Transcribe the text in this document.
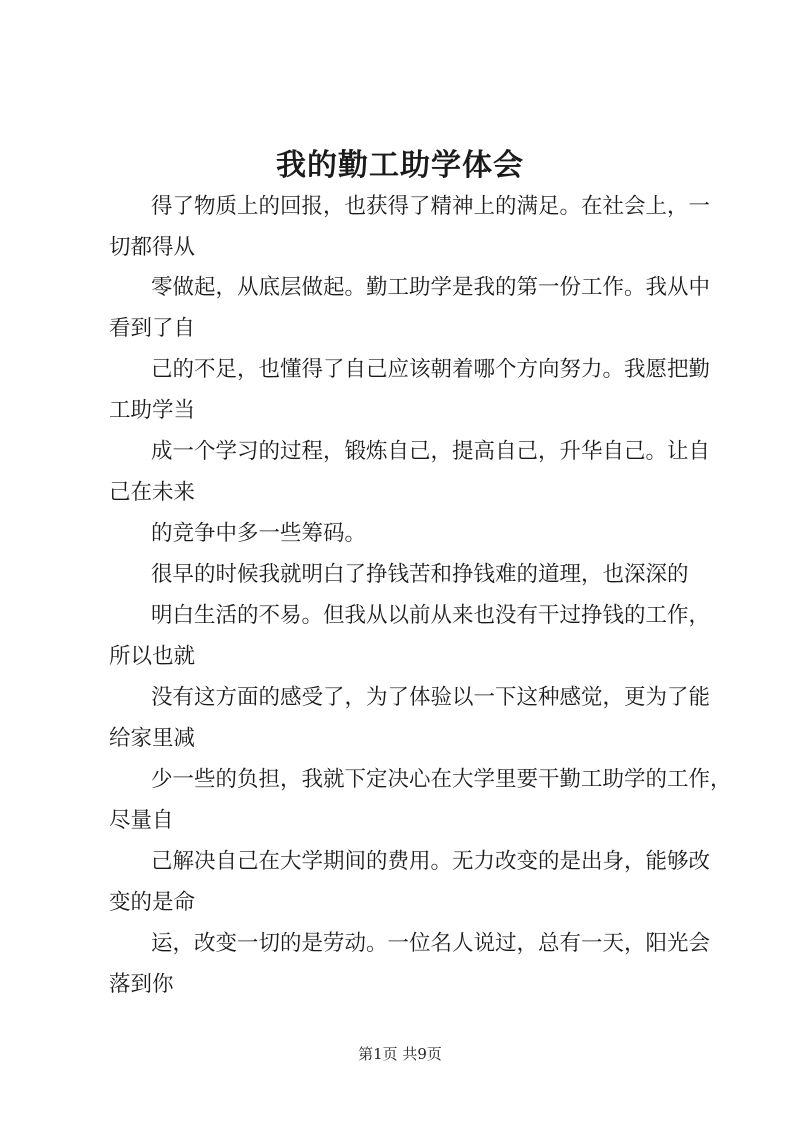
我的勤工助学体会
得了物质上的回报，也获得了精神上的满足。在社会上，一
切都得从
零做起，从底层做起。勤工助学是我的第一份工作。我从中
看到了自
己的不足，也懂得了自己应该朝着哪个方向努力。我愿把勤
工助学当
成一个学习的过程，锻炼自己，提高自己，升华自己。让自
己在未来
的竞争中多一些筹码。
很早的时候我就明白了挣钱苦和挣钱难的道理，也深深的
明白生活的不易。但我从以前从来也没有干过挣钱的工作，
所以也就
没有这方面的感受了，为了体验以一下这种感觉，更为了能
给家里减
少一些的负担，我就下定决心在大学里要干勤工助学的工作，
尽量自
己解决自己在大学期间的费用。无力改变的是出身，能够改
变的是命
运，改变一切的是劳动。一位名人说过，总有一天，阳光会
落到你
第1页 共9页
